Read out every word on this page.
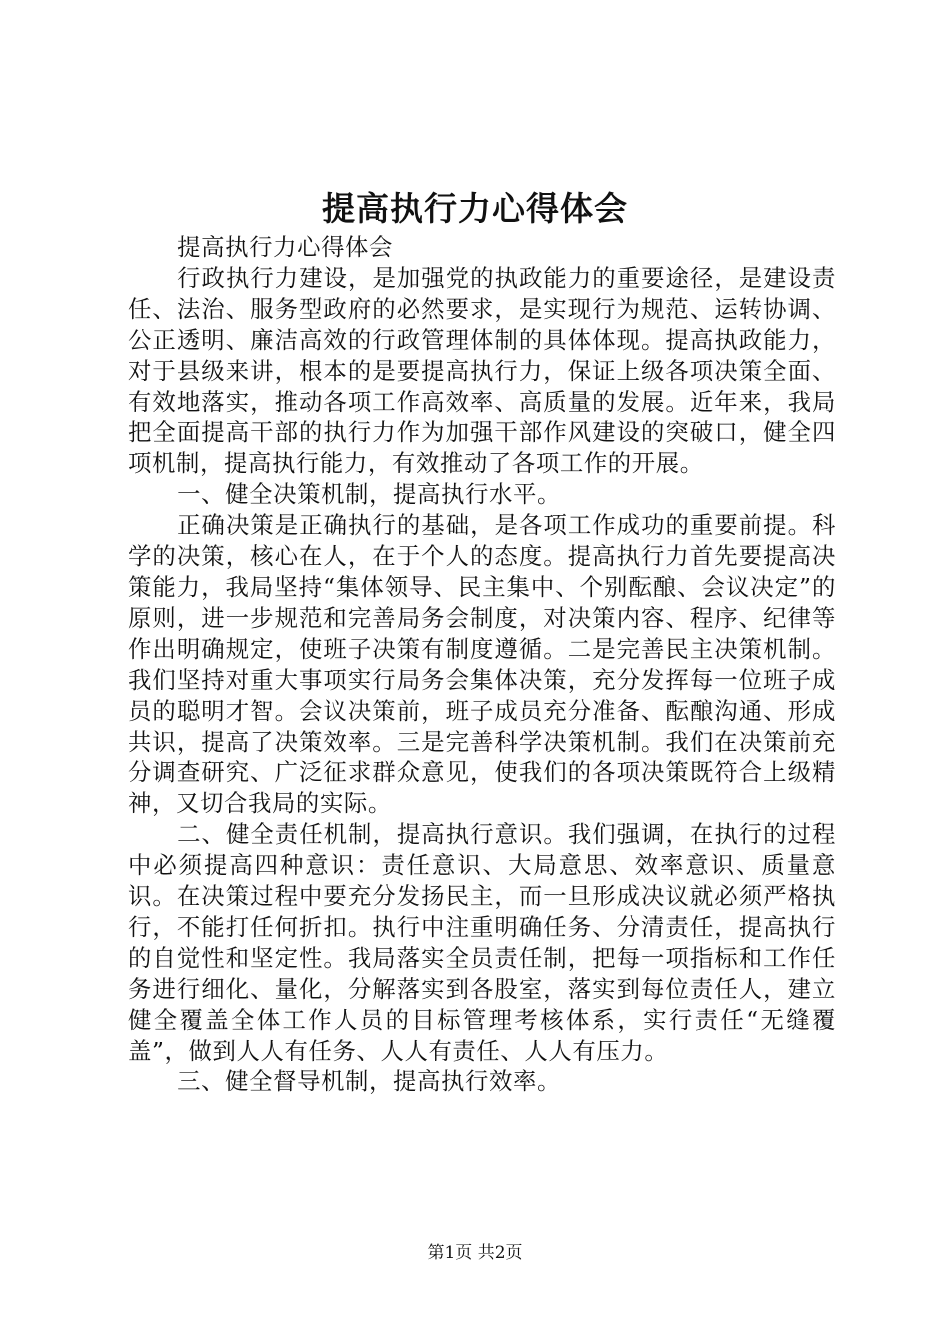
提高执行力心得体会

提高执行力心得体会

行政执行力建设，是加强党的执政能力的重要途径，是建设责任、法治、服务型政府的必然要求，是实现行为规范、运转协调、公正透明、廉洁高效的行政管理体制的具体体现。提高执政能力，对于县级来讲，根本的是要提高执行力，保证上级各项决策全面、有效地落实，推动各项工作高效率、高质量的发展。近年来，我局把全面提高干部的执行力作为加强干部作风建设的突破口，健全四项机制，提高执行能力，有效推动了各项工作的开展。

一、健全决策机制，提高执行水平。

正确决策是正确执行的基础，是各项工作成功的重要前提。科学的决策，核心在人，在于个人的态度。提高执行力首先要提高决策能力，我局坚持“集体领导、民主集中、个别酝酿、会议决定”的原则，进一步规范和完善局务会制度，对决策内容、程序、纪律等作出明确规定，使班子决策有制度遵循。二是完善民主决策机制。我们坚持对重大事项实行局务会集体决策，充分发挥每一位班子成员的聪明才智。会议决策前，班子成员充分准备、酝酿沟通、形成共识，提高了决策效率。三是完善科学决策机制。我们在决策前充分调查研究、广泛征求群众意见，使我们的各项决策既符合上级精神，又切合我局的实际。

二、健全责任机制，提高执行意识。我们强调，在执行的过程中必须提高四种意识：责任意识、大局意思、效率意识、质量意识。在决策过程中要充分发扬民主，而一旦形成决议就必须严格执行，不能打任何折扣。执行中注重明确任务、分清责任，提高执行的自觉性和坚定性。我局落实全员责任制，把每一项指标和工作任务进行细化、量化，分解落实到各股室，落实到每位责任人，建立健全覆盖全体工作人员的目标管理考核体系，实行责任“无缝覆盖”，做到人人有任务、人人有责任、人人有压力。

三、健全督导机制，提高执行效率。

第1页 共2页
